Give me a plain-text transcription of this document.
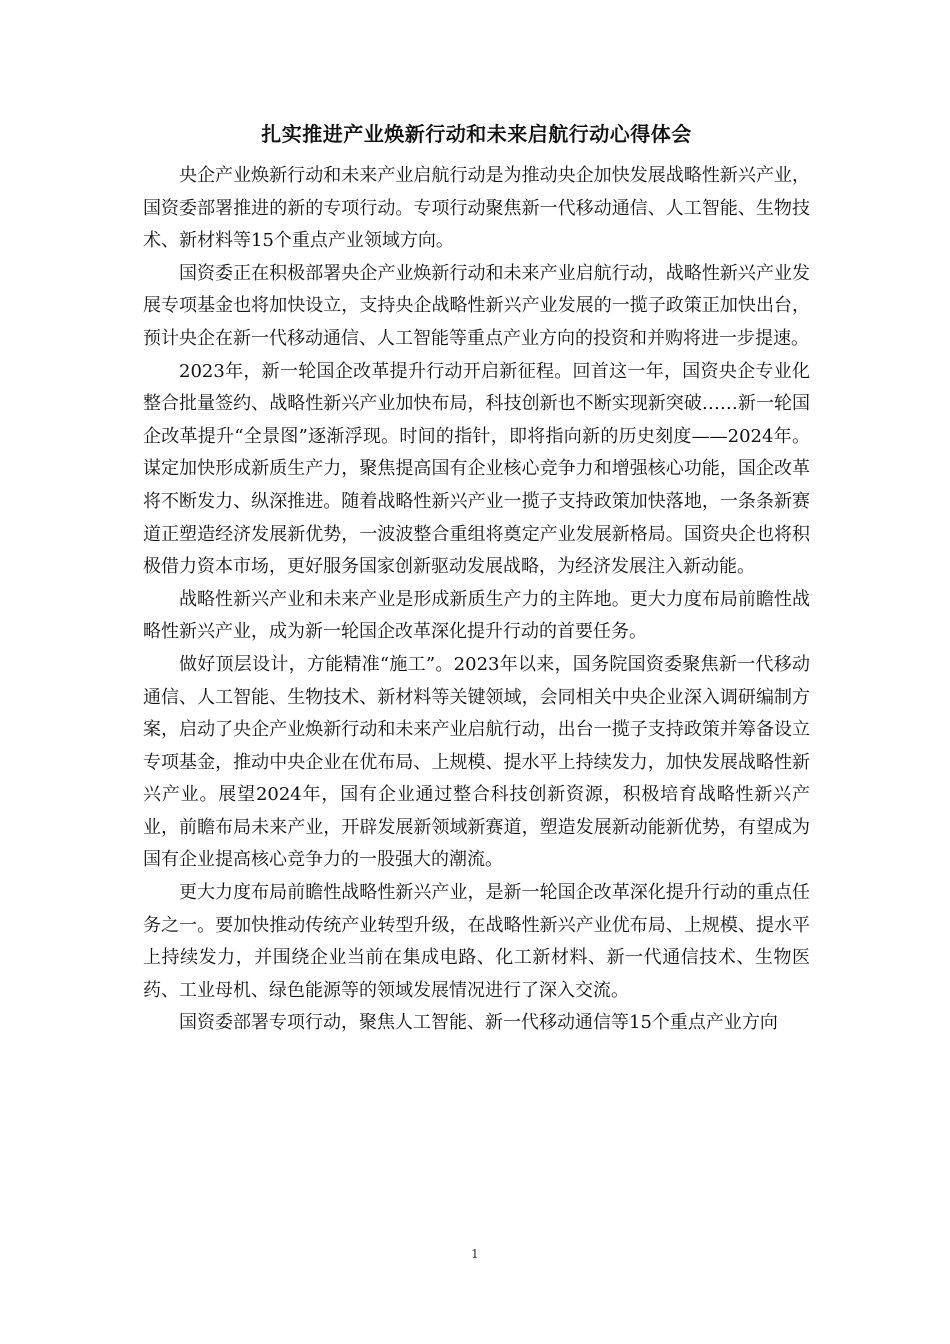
扎实推进产业焕新行动和未来启航行动心得体会

央企产业焕新行动和未来产业启航行动是为推动央企加快发展战略性新兴产业，国资委部署推进的新的专项行动。专项行动聚焦新一代移动通信、人工智能、生物技术、新材料等15个重点产业领域方向。

国资委正在积极部署央企产业焕新行动和未来产业启航行动，战略性新兴产业发展专项基金也将加快设立，支持央企战略性新兴产业发展的一揽子政策正加快出台，预计央企在新一代移动通信、人工智能等重点产业方向的投资和并购将进一步提速。

2023年，新一轮国企改革提升行动开启新征程。回首这一年，国资央企专业化整合批量签约、战略性新兴产业加快布局，科技创新也不断实现新突破……新一轮国企改革提升“全景图”逐渐浮现。时间的指针，即将指向新的历史刻度——2024年。谋定加快形成新质生产力，聚焦提高国有企业核心竞争力和增强核心功能，国企改革将不断发力、纵深推进。随着战略性新兴产业一揽子支持政策加快落地，一条条新赛道正塑造经济发展新优势，一波波整合重组将奠定产业发展新格局。国资央企也将积极借力资本市场，更好服务国家创新驱动发展战略，为经济发展注入新动能。

战略性新兴产业和未来产业是形成新质生产力的主阵地。更大力度布局前瞻性战略性新兴产业，成为新一轮国企改革深化提升行动的首要任务。

做好顶层设计，方能精准“施工”。2023年以来，国务院国资委聚焦新一代移动通信、人工智能、生物技术、新材料等关键领域，会同相关中央企业深入调研编制方案，启动了央企产业焕新行动和未来产业启航行动，出台一揽子支持政策并筹备设立专项基金，推动中央企业在优布局、上规模、提水平上持续发力，加快发展战略性新兴产业。展望2024年，国有企业通过整合科技创新资源，积极培育战略性新兴产业，前瞻布局未来产业，开辟发展新领域新赛道，塑造发展新动能新优势，有望成为国有企业提高核心竞争力的一股强大的潮流。

更大力度布局前瞻性战略性新兴产业，是新一轮国企改革深化提升行动的重点任务之一。要加快推动传统产业转型升级，在战略性新兴产业优布局、上规模、提水平上持续发力，并围绕企业当前在集成电路、化工新材料、新一代通信技术、生物医药、工业母机、绿色能源等的领域发展情况进行了深入交流。

国资委部署专项行动，聚焦人工智能、新一代移动通信等15个重点产业方向

1
